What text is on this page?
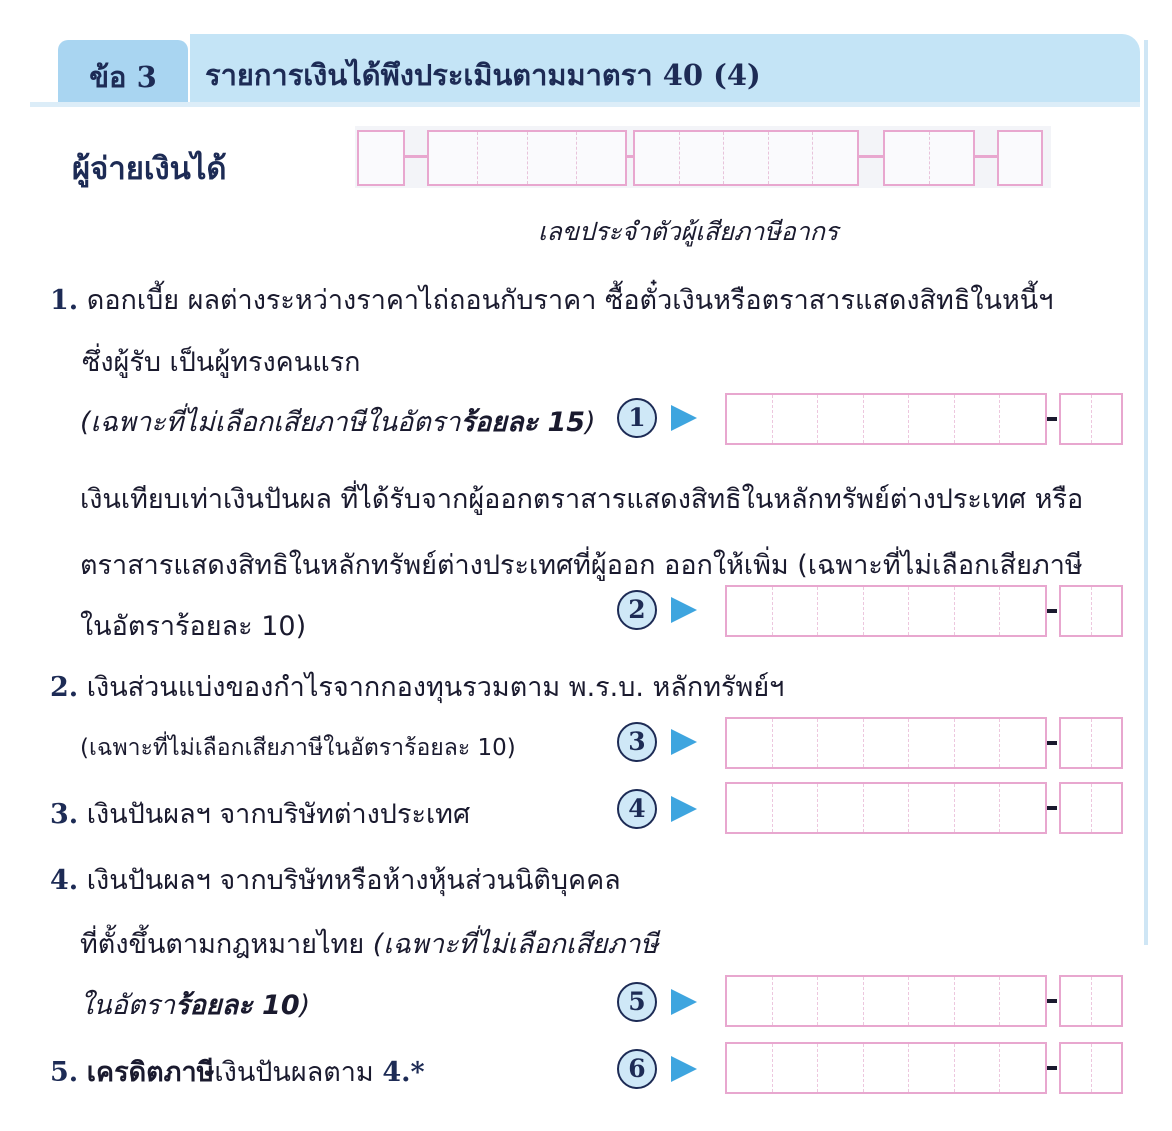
ข้อ 3	รายการเงินได้พึงประเมินตามมาตรา 40 (4)
ผู้จ่ายเงินได้
เลขประจำตัวผู้เสียภาษีอากร
1. ดอกเบี้ย ผลต่างระหว่างราคาไถ่ถอนกับราคา ซื้อตั๋วเงินหรือตราสารแสดงสิทธิในหนี้ฯ
ซึ่งผู้รับ เป็นผู้ทรงคนแรก
(เฉพาะที่ไม่เลือกเสียภาษีในอัตราร้อยละ 15)
เงินเทียบเท่าเงินปันผล ที่ได้รับจากผู้ออกตราสารแสดงสิทธิในหลักทรัพย์ต่างประเทศ หรือ
ตราสารแสดงสิทธิในหลักทรัพย์ต่างประเทศที่ผู้ออก ออกให้เพิ่ม (เฉพาะที่ไม่เลือกเสียภาษี
ในอัตราร้อยละ 10)
2. เงินส่วนแบ่งของกำไรจากกองทุนรวมตาม พ.ร.บ. หลักทรัพย์ฯ
(เฉพาะที่ไม่เลือกเสียภาษีในอัตราร้อยละ 10)
3. เงินปันผลฯ จากบริษัทต่างประเทศ
4. เงินปันผลฯ จากบริษัทหรือห้างหุ้นส่วนนิติบุคคล
ที่ตั้งขึ้นตามกฎหมายไทย (เฉพาะที่ไม่เลือกเสียภาษี
ในอัตราร้อยละ 10)
5. เครดิตภาษีเงินปันผลตาม 4.*
1
2
3
4
5
6
